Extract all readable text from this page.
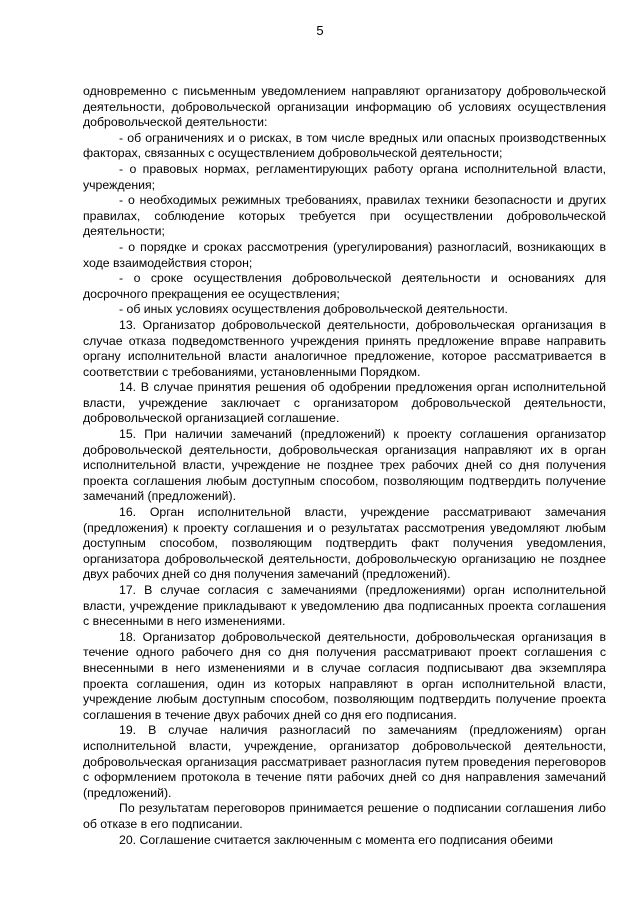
5

одновременно с письменным уведомлением направляют организатору добровольческой деятельности, добровольческой организации информацию об условиях осуществления добровольческой деятельности:

- об ограничениях и о рисках, в том числе вредных или опасных производственных факторах, связанных с осуществлением добровольческой деятельности;

- о правовых нормах, регламентирующих работу органа исполнительной власти, учреждения;

- о необходимых режимных требованиях, правилах техники безопасности и других правилах, соблюдение которых требуется при осуществлении добровольческой деятельности;

- о порядке и сроках рассмотрения (урегулирования) разногласий, возникающих в ходе взаимодействия сторон;

- о сроке осуществления добровольческой деятельности и основаниях для досрочного прекращения ее осуществления;

- об иных условиях осуществления добровольческой деятельности.

13. Организатор добровольческой деятельности, добровольческая организация в случае отказа подведомственного учреждения принять предложение вправе направить органу исполнительной власти аналогичное предложение, которое рассматривается в соответствии с требованиями, установленными Порядком.

14. В случае принятия решения об одобрении предложения орган исполнительной власти, учреждение заключает с организатором добровольческой деятельности, добровольческой организацией соглашение.

15. При наличии замечаний (предложений) к проекту соглашения организатор добровольческой деятельности, добровольческая организация направляют их в орган исполнительной власти, учреждение не позднее трех рабочих дней со дня получения проекта соглашения любым доступным способом, позволяющим подтвердить получение замечаний (предложений).

16. Орган исполнительной власти, учреждение рассматривают замечания (предложения) к проекту соглашения и о результатах рассмотрения уведомляют любым доступным способом, позволяющим подтвердить факт получения уведомления, организатора добровольческой деятельности, добровольческую организацию не позднее двух рабочих дней со дня получения замечаний (предложений).

17. В случае согласия с замечаниями (предложениями) орган исполнительной власти, учреждение прикладывают к уведомлению два подписанных проекта соглашения с внесенными в него изменениями.

18. Организатор добровольческой деятельности, добровольческая организация в течение одного рабочего дня со дня получения рассматривают проект соглашения с внесенными в него изменениями и в случае согласия подписывают два экземпляра проекта соглашения, один из которых направляют в орган исполнительной власти, учреждение любым доступным способом, позволяющим подтвердить получение проекта соглашения в течение двух рабочих дней со дня его подписания.

19. В случае наличия разногласий по замечаниям (предложениям) орган исполнительной власти, учреждение, организатор добровольческой деятельности, добровольческая организация рассматривает разногласия путем проведения переговоров с оформлением протокола в течение пяти рабочих дней со дня направления замечаний (предложений).

По результатам переговоров принимается решение о подписании соглашения либо об отказе в его подписании.

20. Соглашение считается заключенным с момента его подписания обеими
